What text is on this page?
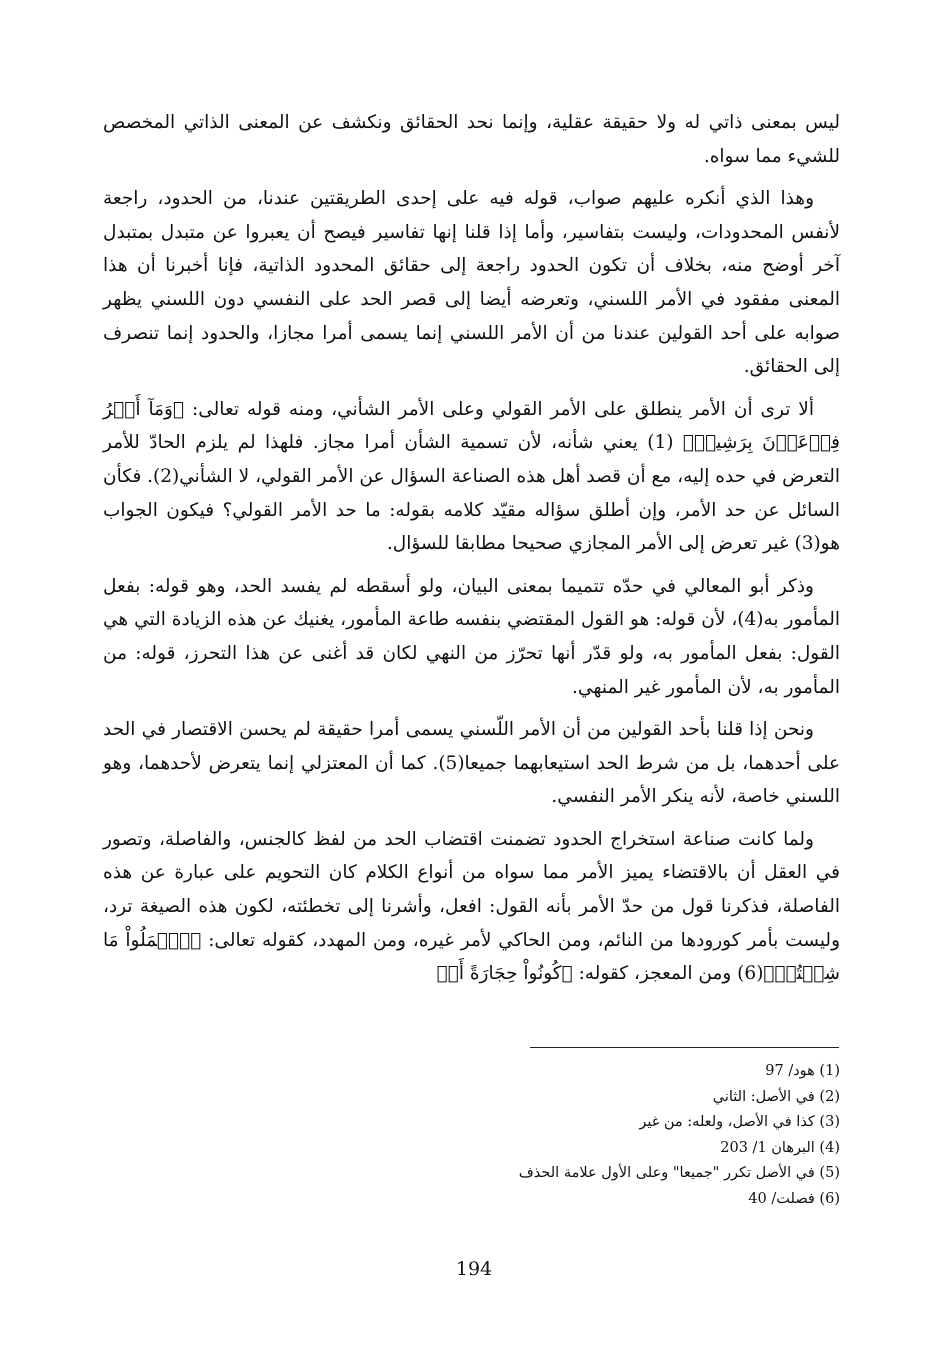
ليس بمعنى ذاتي له ولا حقيقة عقلية، وإنما نحد الحقائق ونكشف عن المعنى الذاتي المخصص للشيء مما سواه.

وهذا الذي أنكره عليهم صواب، قوله فيه على إحدى الطريقتين عندنا، من الحدود، راجعة لأنفس المحدودات، وليست بتفاسير، وأما إذا قلنا إنها تفاسير فيصح أن يعبروا عن متبدل بمتبدل آخر أوضح منه، بخلاف أن تكون الحدود راجعة إلى حقائق المحدود الذاتية، فإنا أخبرنا أن هذا المعنى مفقود في الأمر اللسني، وتعرضه أيضا إلى قصر الحد على النفسي دون اللسني يظهر صوابه على أحد القولين عندنا من أن الأمر اللسني إنما يسمى أمرا مجازا، والحدود إنما تنصرف إلى الحقائق.

ألا ترى أن الأمر ينطلق على الأمر القولي وعلى الأمر الشأني، ومنه قوله تعالى: ﴿وَمَآ أَمۡرُ فِرۡعَوۡنَ بِرَشِيدٖ﴾ (1) يعني شأنه، لأن تسمية الشأن أمرا مجاز. فلهذا لم يلزم الحادّ للأمر التعرض في حده إليه، مع أن قصد أهل هذه الصناعة السؤال عن الأمر القولي، لا الشأني(2). فكأن السائل عن حد الأمر، وإن أطلق سؤاله مقيّد كلامه بقوله: ما حد الأمر القولي؟ فيكون الجواب هو(3) غير تعرض إلى الأمر المجازي صحيحا مطابقا للسؤال.

وذكر أبو المعالي في حدّه تتميما بمعنى البيان، ولو أسقطه لم يفسد الحد، وهو قوله: بفعل المأمور به(4)، لأن قوله: هو القول المقتضي بنفسه طاعة المأمور، يغنيك عن هذه الزيادة التي هي القول: بفعل المأمور به، ولو قدّر أنها تحرّز من النهي لكان قد أغنى عن هذا التحرز، قوله: من المأمور به، لأن المأمور غير المنهي.

ونحن إذا قلنا بأحد القولين من أن الأمر اللّسني يسمى أمرا حقيقة لم يحسن الاقتصار في الحد على أحدهما، بل من شرط الحد استيعابهما جميعا(5). كما أن المعتزلي إنما يتعرض لأحدهما، وهو اللسني خاصة، لأنه ينكر الأمر النفسي.

ولما كانت صناعة استخراج الحدود تضمنت اقتضاب الحد من لفظ كالجنس، والفاصلة، وتصور في العقل أن بالاقتضاء يميز الأمر مما سواه من أنواع الكلام كان التحويم على عبارة عن هذه الفاصلة، فذكرنا قول من حدّ الأمر بأنه القول: افعل، وأشرنا إلى تخطئته، لكون هذه الصيغة ترد، وليست بأمر كورودها من النائم، ومن الحاكي لأمر غيره، ومن المهدد، كقوله تعالى: ﴿ٱعۡمَلُواْ مَا شِئۡتُمۡ﴾(6) ومن المعجز، كقوله: ﴿كُونُواْ حِجَارَةً أَوۡ

(1) هود/ 97
(2) في الأصل: الثاني
(3) كذا في الأصل، ولعله: من غير
(4) البرهان 1/ 203
(5) في الأصل تكرر "جميعا" وعلى الأول علامة الحذف
(6) فصلت/ 40
194
